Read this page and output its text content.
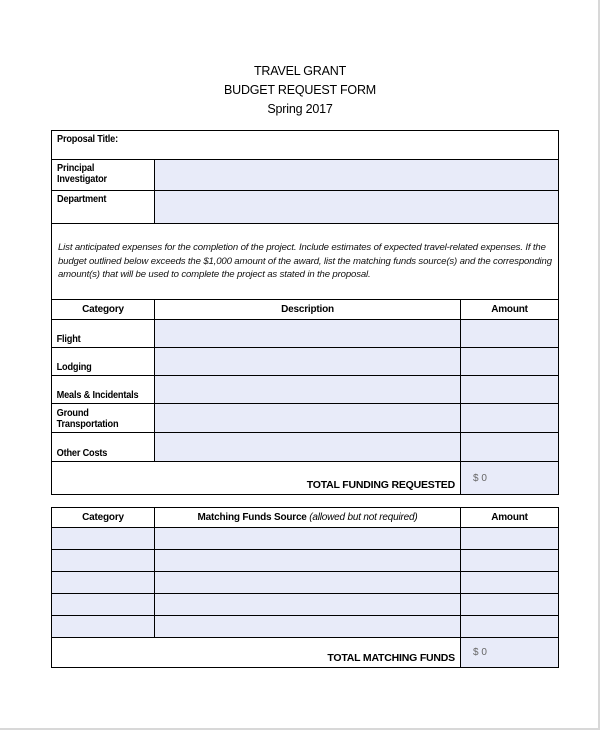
TRAVEL GRANT
BUDGET REQUEST FORM
Spring 2017
Proposal Title:	
Principal Investigator	
Department	
List anticipated expenses for the completion of the project. Include estimates of expected travel-related expenses. If the budget outlined below exceeds the $1,000 amount of the award, list the matching funds source(s) and the corresponding amount(s) that will be used to complete the project as stated in the proposal.	
Category	Description	Amount
Flight		
Lodging		
Meals & Incidentals		
Ground Transportation		
Other Costs		
TOTAL FUNDING REQUESTED		$ 0
Category	Matching Funds Source (allowed but not required)	Amount

TOTAL MATCHING FUNDS		$ 0
